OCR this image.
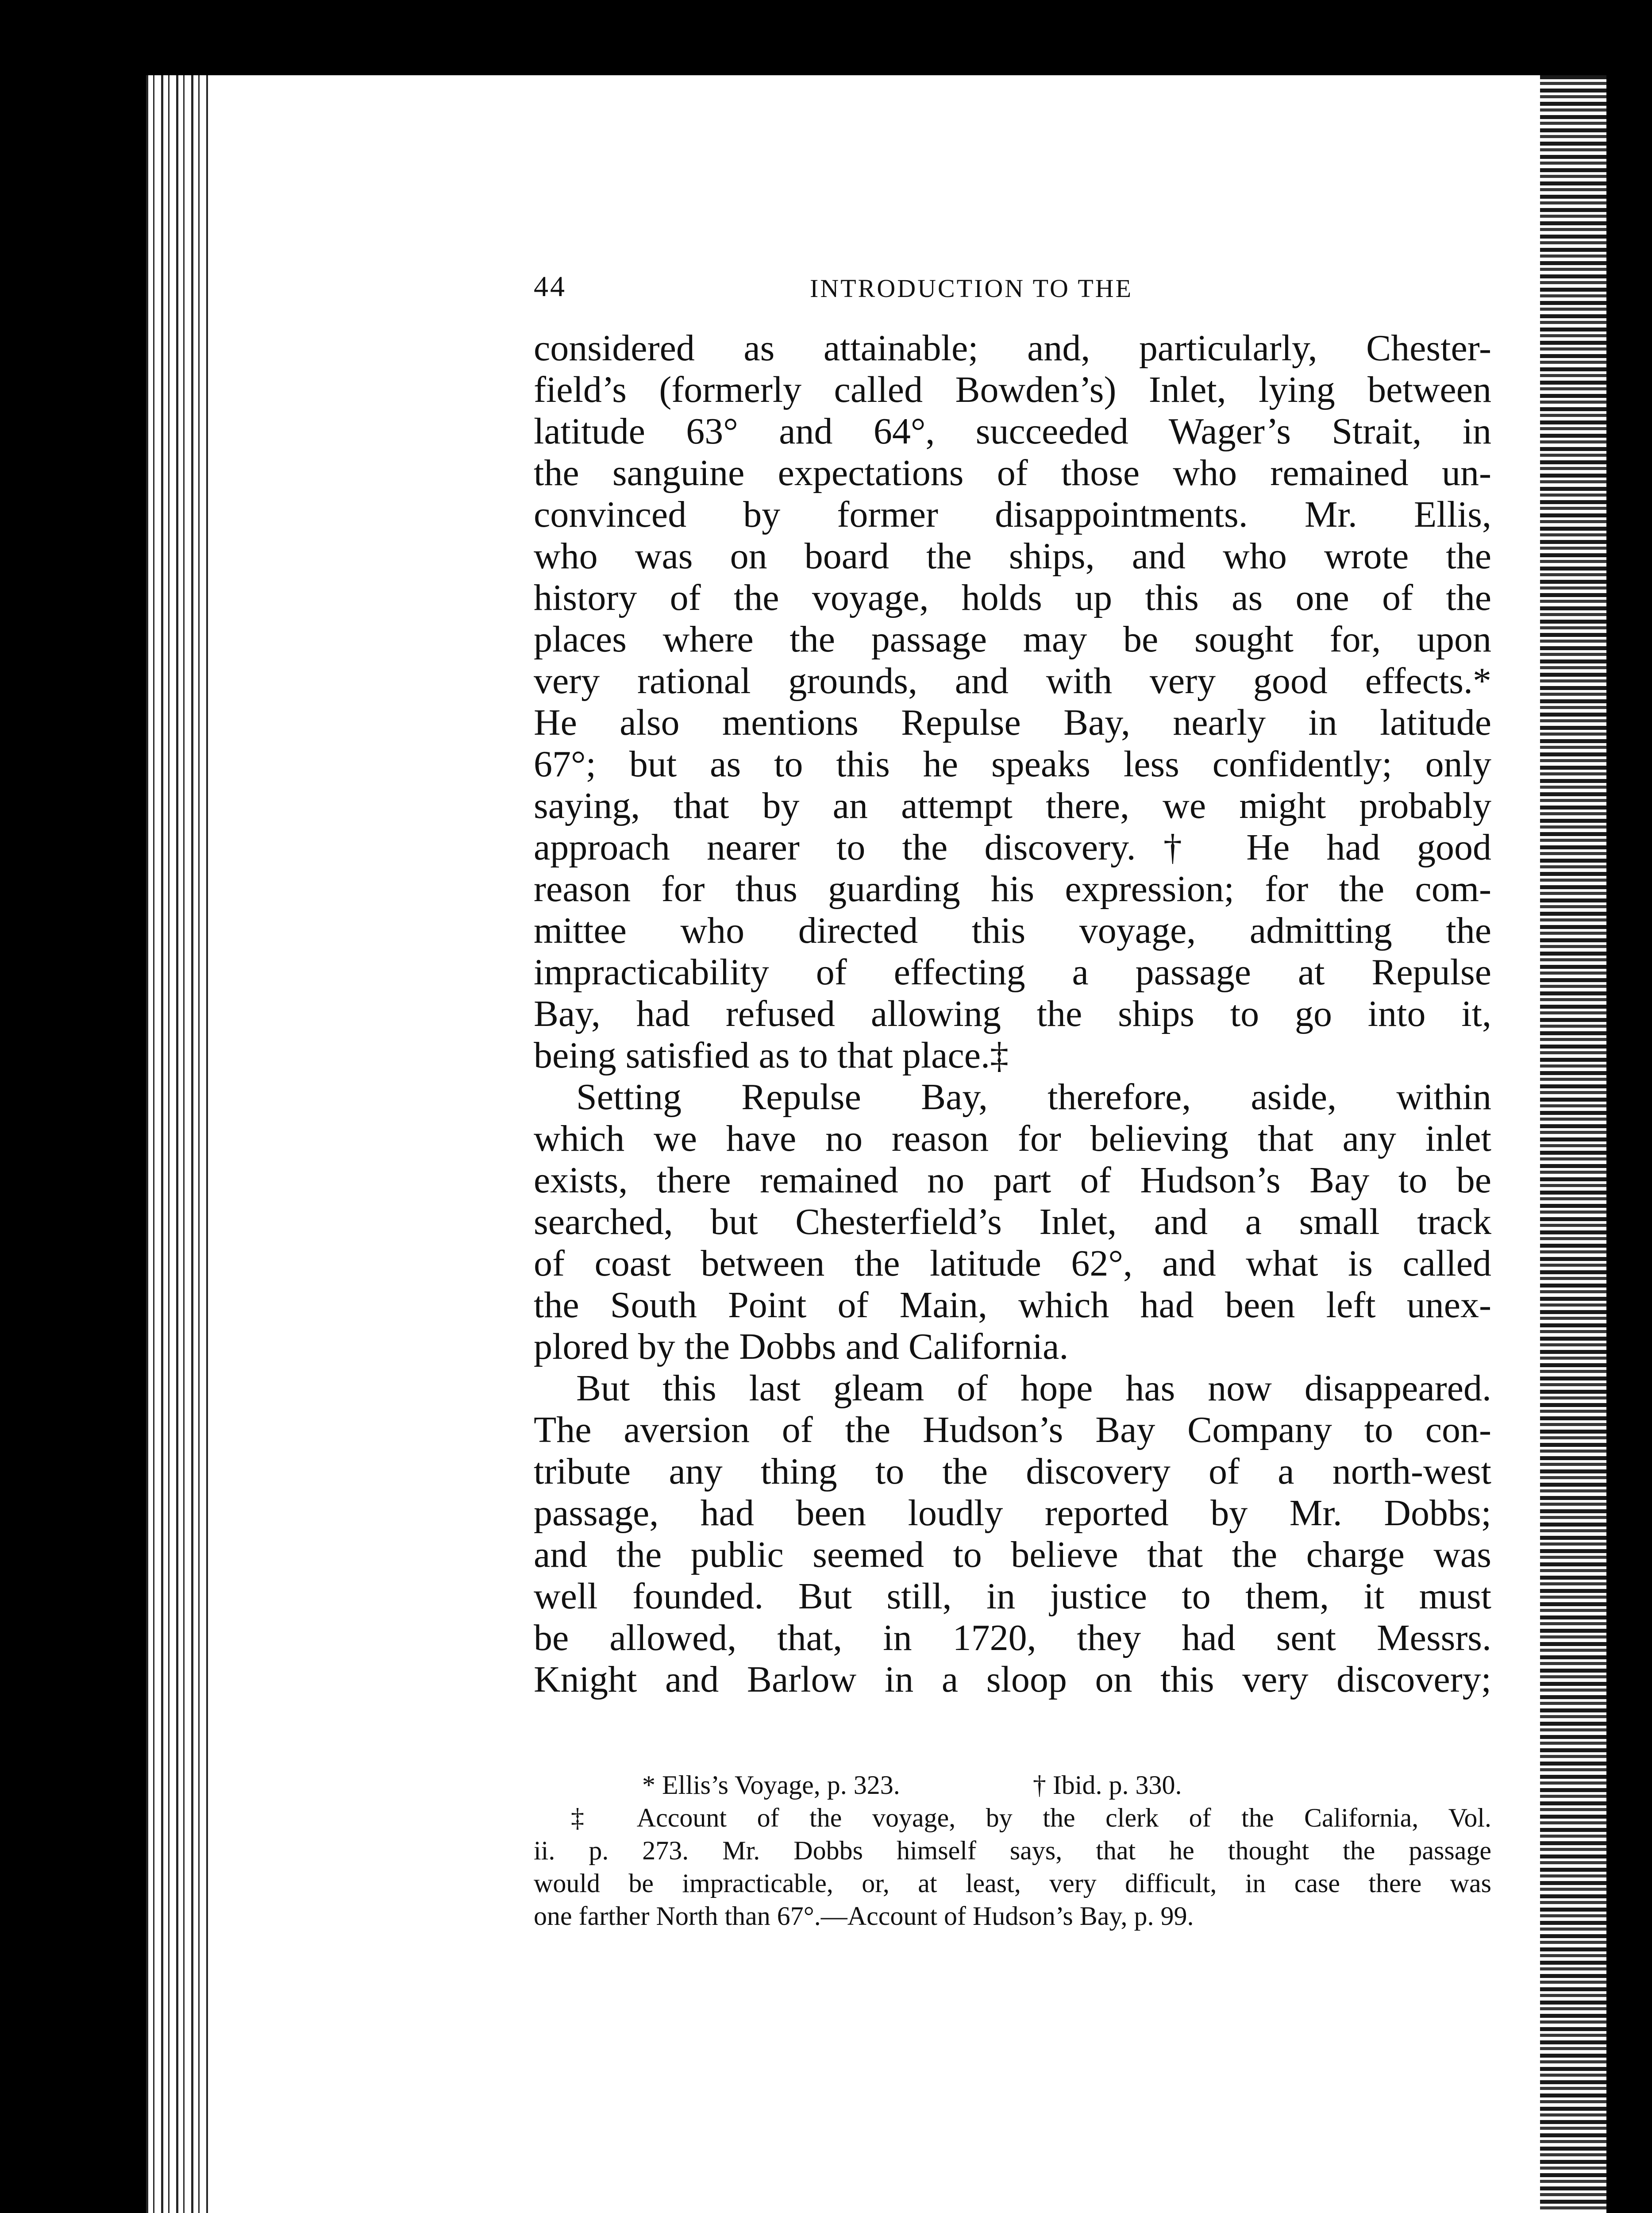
44	INTRODUCTION TO THE
considered as attainable; and, particularly, Chester-
field’s (formerly called Bowden’s) Inlet, lying between
latitude 63° and 64°, succeeded Wager’s Strait, in
the sanguine expectations of those who remained un-
convinced by former disappointments. Mr. Ellis,
who was on board the ships, and who wrote the
history of the voyage, holds up this as one of the
places where the passage may be sought for, upon
very rational grounds, and with very good effects.*
He also mentions Repulse Bay, nearly in latitude
67°; but as to this he speaks less confidently; only
saying, that by an attempt there, we might probably
approach nearer to the discovery.† He had good
reason for thus guarding his expression; for the com-
mittee who directed this voyage, admitting the
impracticability of effecting a passage at Repulse
Bay, had refused allowing the ships to go into it,
being satisfied as to that place.‡
Setting Repulse Bay, therefore, aside, within
which we have no reason for believing that any inlet
exists, there remained no part of Hudson’s Bay to be
searched, but Chesterfield’s Inlet, and a small track
of coast between the latitude 62°, and what is called
the South Point of Main, which had been left unex-
plored by the Dobbs and California.
But this last gleam of hope has now disappeared.
The aversion of the Hudson’s Bay Company to con-
tribute any thing to the discovery of a north-west
passage, had been loudly reported by Mr. Dobbs;
and the public seemed to believe that the charge was
well founded. But still, in justice to them, it must
be allowed, that, in 1720, they had sent Messrs.
Knight and Barlow in a sloop on this very discovery;
* Ellis’s Voyage, p. 323.	† Ibid. p. 330.
‡ Account of the voyage, by the clerk of the California, Vol.
ii. p. 273. Mr. Dobbs himself says, that he thought the passage
would be impracticable, or, at least, very difficult, in case there was
one farther North than 67°.—Account of Hudson’s Bay, p. 99.
